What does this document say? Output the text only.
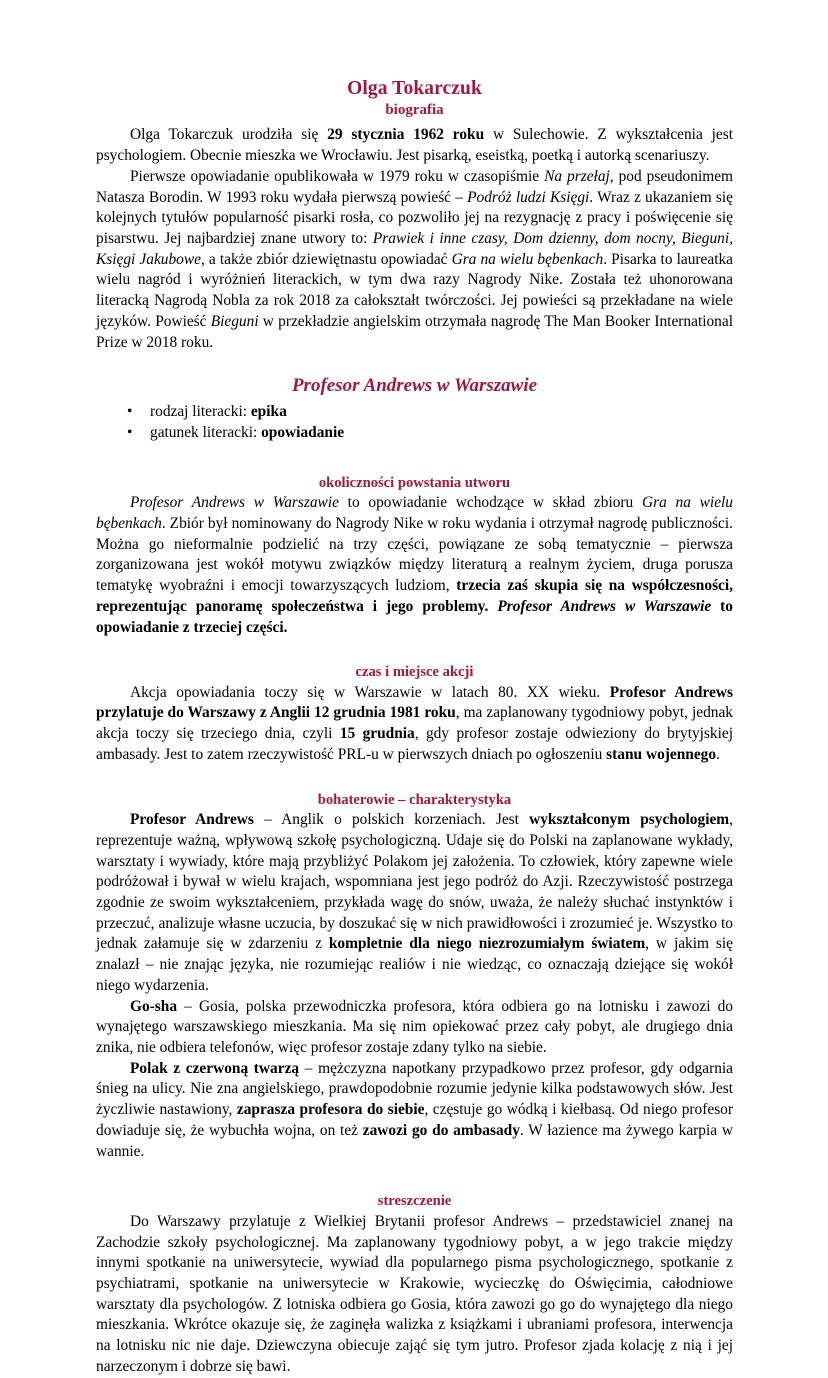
Olga Tokarczuk
biografia

Olga Tokarczuk urodziła się 29 stycznia 1962 roku w Sulechowie. Z wykształcenia jest psychologiem. Obecnie mieszka we Wrocławiu. Jest pisarką, eseistką, poetką i autorką scenariuszy.

Pierwsze opowiadanie opublikowała w 1979 roku w czasopiśmie Na przełaj, pod pseudonimem Natasza Borodin. W 1993 roku wydała pierwszą powieść – Podróż ludzi Księgi. Wraz z ukazaniem się kolejnych tytułów popularność pisarki rosła, co pozwoliło jej na rezygnację z pracy i poświęcenie się pisarstwu. Jej najbardziej znane utwory to: Prawiek i inne czasy, Dom dzienny, dom nocny, Bieguni, Księgi Jakubowe, a także zbiór dziewiętnastu opowiadać Gra na wielu bębenkach. Pisarka to laureatka wielu nagród i wyróżnień literackich, w tym dwa razy Nagrody Nike. Została też uhonorowana literacką Nagrodą Nobla za rok 2018 za całokształt twórczości. Jej powieści są przekładane na wiele języków. Powieść Bieguni w przekładzie angielskim otrzymała nagrodę The Man Booker International Prize w 2018 roku.

Profesor Andrews w Warszawie
• rodzaj literacki: epika
• gatunek literacki: opowiadanie
okoliczności powstania utworu

Profesor Andrews w Warszawie to opowiadanie wchodzące w skład zbioru Gra na wielu bębenkach. Zbiór był nominowany do Nagrody Nike w roku wydania i otrzymał nagrodę publiczności. Można go nieformalnie podzielić na trzy części, powiązane ze sobą tematycznie – pierwsza zorganizowana jest wokół motywu związków między literaturą a realnym życiem, druga porusza tematykę wyobraźni i emocji towarzyszących ludziom, trzecia zaś skupia się na współczesności, reprezentując panoramę społeczeństwa i jego problemy. Profesor Andrews w Warszawie to opowiadanie z trzeciej części.

czas i miejsce akcji

Akcja opowiadania toczy się w Warszawie w latach 80. XX wieku. Profesor Andrews przylatuje do Warszawy z Anglii 12 grudnia 1981 roku, ma zaplanowany tygodniowy pobyt, jednak akcja toczy się trzeciego dnia, czyli 15 grudnia, gdy profesor zostaje odwieziony do brytyjskiej ambasady. Jest to zatem rzeczywistość PRL-u w pierwszych dniach po ogłoszeniu stanu wojennego.

bohaterowie – charakterystyka

Profesor Andrews – Anglik o polskich korzeniach. Jest wykształconym psychologiem, reprezentuje ważną, wpływową szkołę psychologiczną. Udaje się do Polski na zaplanowane wykłady, warsztaty i wywiady, które mają przybliżyć Polakom jej założenia. To człowiek, który zapewne wiele podróżował i bywał w wielu krajach, wspomniana jest jego podróż do Azji. Rzeczywistość postrzega zgodnie ze swoim wykształceniem, przykłada wagę do snów, uważa, że należy słuchać instynktów i przeczuć, analizuje własne uczucia, by doszukać się w nich prawidłowości i zrozumieć je. Wszystko to jednak załamuje się w zdarzeniu z kompletnie dla niego niezrozumiałym światem, w jakim się znalazł – nie znając języka, nie rozumiejąc realiów i nie wiedząc, co oznaczają dziejące się wokół niego wydarzenia.

Go-sha – Gosia, polska przewodniczka profesora, która odbiera go na lotnisku i zawozi do wynajętego warszawskiego mieszkania. Ma się nim opiekować przez cały pobyt, ale drugiego dnia znika, nie odbiera telefonów, więc profesor zostaje zdany tylko na siebie.

Polak z czerwoną twarzą – mężczyzna napotkany przypadkowo przez profesor, gdy odgarnia śnieg na ulicy. Nie zna angielskiego, prawdopodobnie rozumie jedynie kilka podstawowych słów. Jest życzliwie nastawiony, zaprasza profesora do siebie, częstuje go wódką i kiełbasą. Od niego profesor dowiaduje się, że wybuchła wojna, on też zawozi go do ambasady. W łazience ma żywego karpia w wannie.

streszczenie

Do Warszawy przylatuje z Wielkiej Brytanii profesor Andrews – przedstawiciel znanej na Zachodzie szkoły psychologicznej. Ma zaplanowany tygodniowy pobyt, a w jego trakcie między innymi spotkanie na uniwersytecie, wywiad dla popularnego pisma psychologicznego, spotkanie z psychiatrami, spotkanie na uniwersytecie w Krakowie, wycieczkę do Oświęcimia, całodniowe warsztaty dla psychologów. Z lotniska odbiera go Gosia, która zawozi go go do wynajętego dla niego mieszkania. Wkrótce okazuje się, że zaginęła walizka z książkami i ubraniami profesora, interwencja na lotnisku nic nie daje. Dziewczyna obiecuje zająć się tym jutro. Profesor zjada kolację z nią i jej narzeczonym i dobrze się bawi.
